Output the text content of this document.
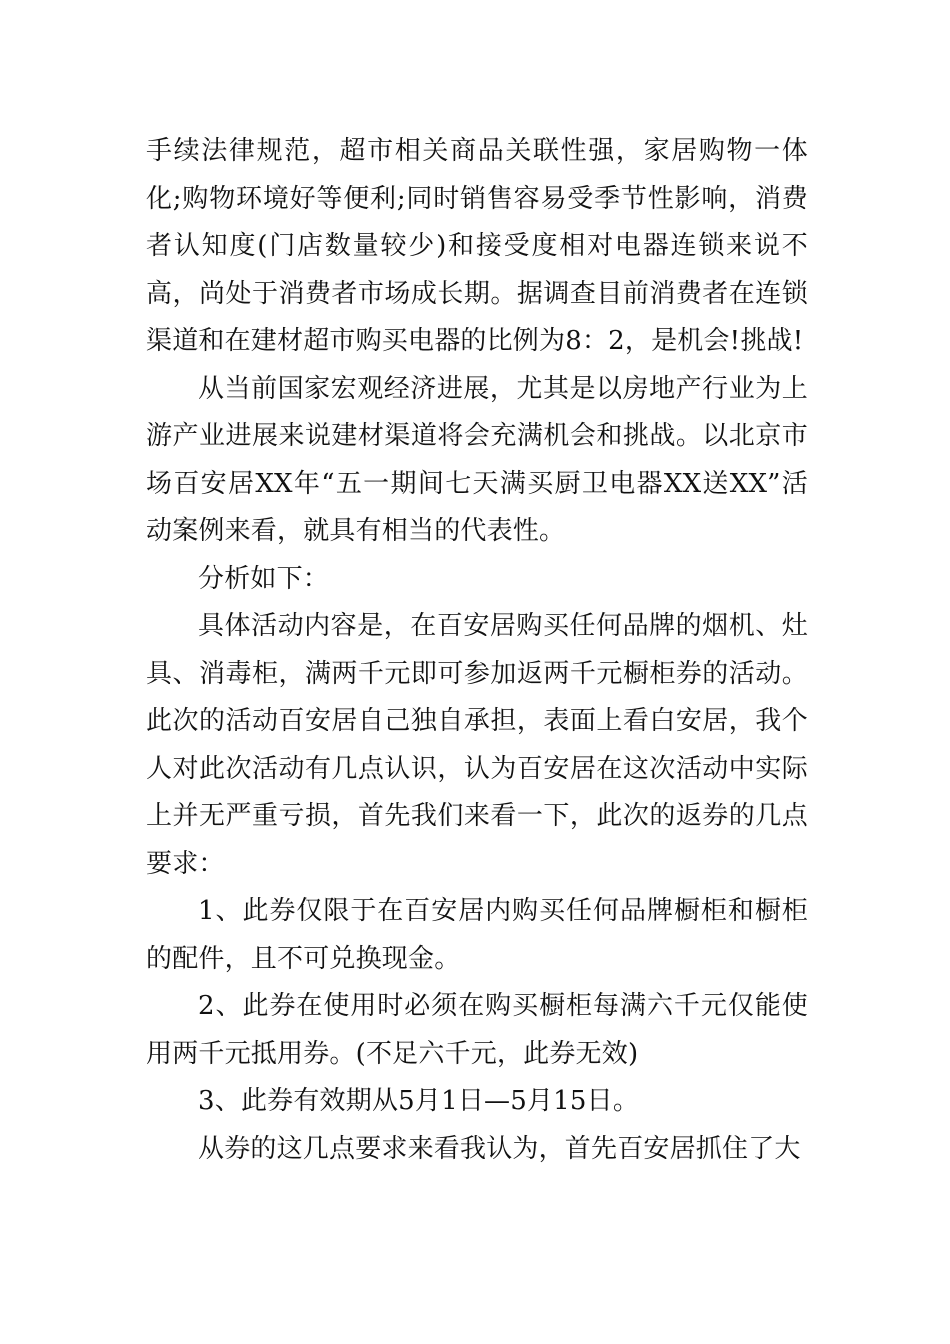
手续法律规范，超市相关商品关联性强，家居购物一体化;购物环境好等便利;同时销售容易受季节性影响，消费者认知度(门店数量较少)和接受度相对电器连锁来说不高，尚处于消费者市场成长期。据调查目前消费者在连锁渠道和在建材超市购买电器的比例为8：2，是机会!挑战!

从当前国家宏观经济进展，尤其是以房地产行业为上游产业进展来说建材渠道将会充满机会和挑战。以北京市场百安居XX年“五一期间七天满买厨卫电器XX送XX”活动案例来看，就具有相当的代表性。

分析如下：

具体活动内容是，在百安居购买任何品牌的烟机、灶具、消毒柜，满两千元即可参加返两千元橱柜券的活动。此次的活动百安居自己独自承担，表面上看白安居，我个人对此次活动有几点认识，认为百安居在这次活动中实际上并无严重亏损，首先我们来看一下，此次的返券的几点要求：

1、此券仅限于在百安居内购买任何品牌橱柜和橱柜的配件，且不可兑换现金。

2、此券在使用时必须在购买橱柜每满六千元仅能使用两千元抵用券。(不足六千元，此券无效)

3、此券有效期从5月1日—5月15日。

从券的这几点要求来看我认为，首先百安居抓住了大
